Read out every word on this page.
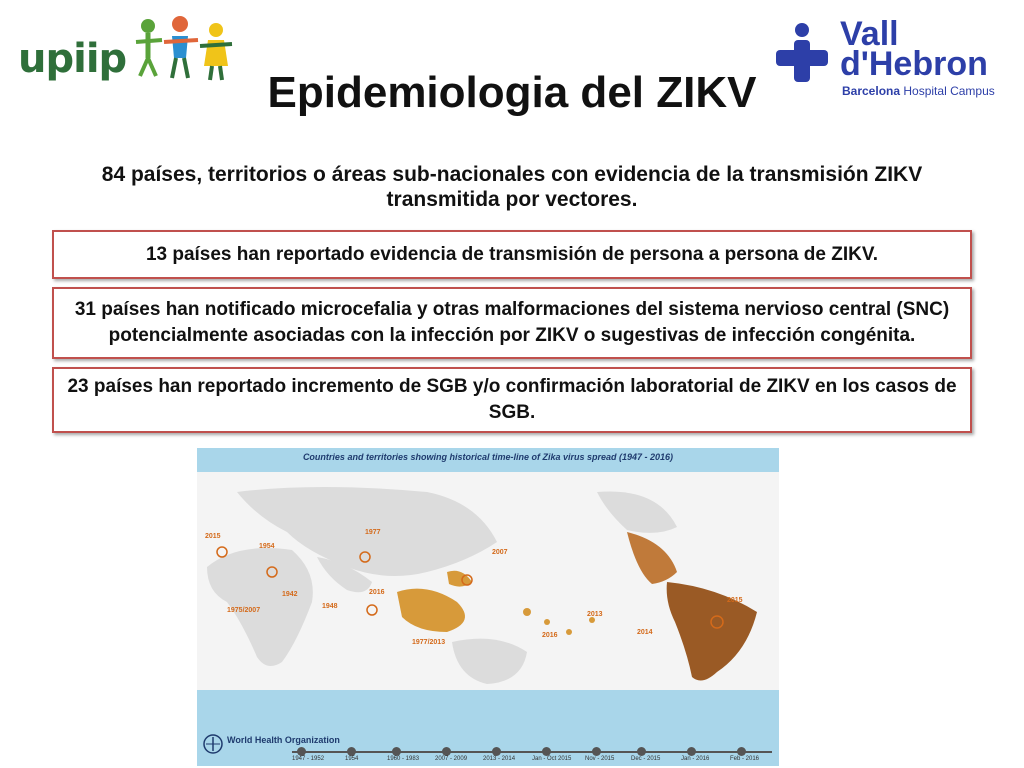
upiip
Vall
d'Hebron
Barcelona Hospital Campus
Epidemiologia del ZIKV

84 países, territorios o áreas sub-nacionales con evidencia de la transmisión ZIKV transmitida por vectores.

13 países han reportado evidencia de transmisión de persona a persona de ZIKV.
31 países han notificado microcefalia y otras malformaciones del sistema nervioso central (SNC) potencialmente asociadas con la infección por ZIKV o sugestivas de infección congénita.
23 países han reportado incremento de SGB y/o confirmación laboratorial de ZIKV en los casos de SGB.
Countries and territories showing historical time-line of Zika virus spread (1947 - 2016)
2015
1954
1977
1942
1975/2007
1948
2016
2007
1977/2013
2013
2014
2016
2015
World Health Organization
1947 - 1952	1954	1960 - 1983	2007 - 2009	2013 - 2014	Jan - Oct 2015 Nov - 2015	Dec - 2015	Jan - 2016	Feb - 2016
